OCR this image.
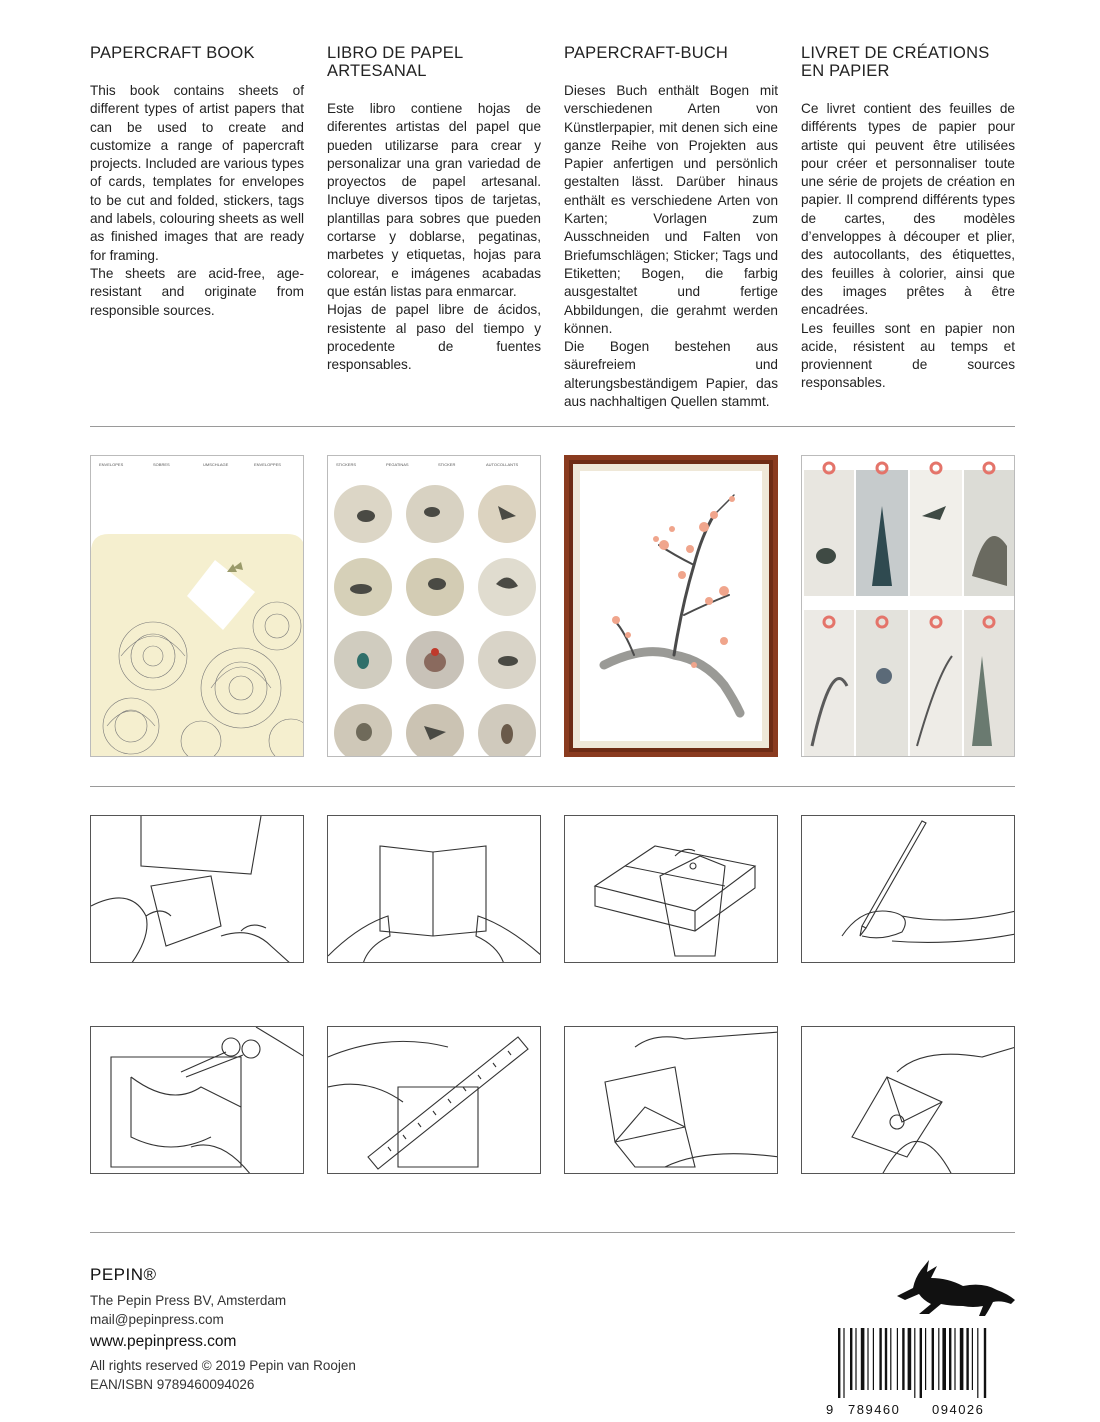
PAPERCRAFT BOOK

This book contains sheets of different types of artist papers that can be used to create and customize a range of papercraft projects. Included are various types of cards, templates for envelopes to be cut and folded, stickers, tags and labels, colouring sheets as well as finished images that are ready for framing.

The sheets are acid-free, age-resistant and originate from responsible sources.

LIBRO DE PAPEL ARTESANAL

Este libro contiene hojas de diferentes artistas del papel que pueden utilizarse para crear y personalizar una gran variedad de proyectos de papel artesanal. Incluye diversos tipos de tarjetas, plantillas para sobres que pueden cortarse y doblarse, pegatinas, marbetes y etiquetas, hojas para colorear, e imágenes acabadas que están listas para enmarcar.

Hojas de papel libre de ácidos, resistente al paso del tiempo y procedente de fuentes responsables.

PAPERCRAFT-BUCH

Dieses Buch enthält Bogen mit verschiedenen Arten von Künstlerpapier, mit denen sich eine ganze Reihe von Projekten aus Papier anfertigen und persönlich gestalten lässt. Darüber hinaus enthält es verschiedene Arten von Karten; Vorlagen zum Ausschneiden und Falten von Briefumschlägen; Sticker; Tags und Etiketten; Bogen, die farbig ausgestaltet und fertige Abbildungen, die gerahmt werden können.

Die Bogen bestehen aus säurefreiem und alterungsbeständigem Papier, das aus nachhaltigen Quellen stammt.

LIVRET DE CRÉATIONS EN PAPIER

Ce livret contient des feuilles de différents types de papier pour artiste qui peuvent être utilisées pour créer et personnaliser toute une série de projets de création en papier. Il comprend différents types de cartes, des modèles d’enveloppes à découper et plier, des autocollants, des étiquettes, des feuilles à colorier, ainsi que des images prêtes à être encadrées.

Les feuilles sont en papier non acide, résistent au temps et proviennent de sources responsables.

ENVELOPES	SOBRES	UMSCHLAGE	ENVELOPPES	STICKERS	PEGATINAS	STICKER	AUTOCOLLANTS
PEPIN®
The Pepin Press BV, Amsterdam
mail@pepinpress.com
www.pepinpress.com
All rights reserved © 2019 Pepin van Roojen
EAN/ISBN 9789460094026
9 789460 094026
